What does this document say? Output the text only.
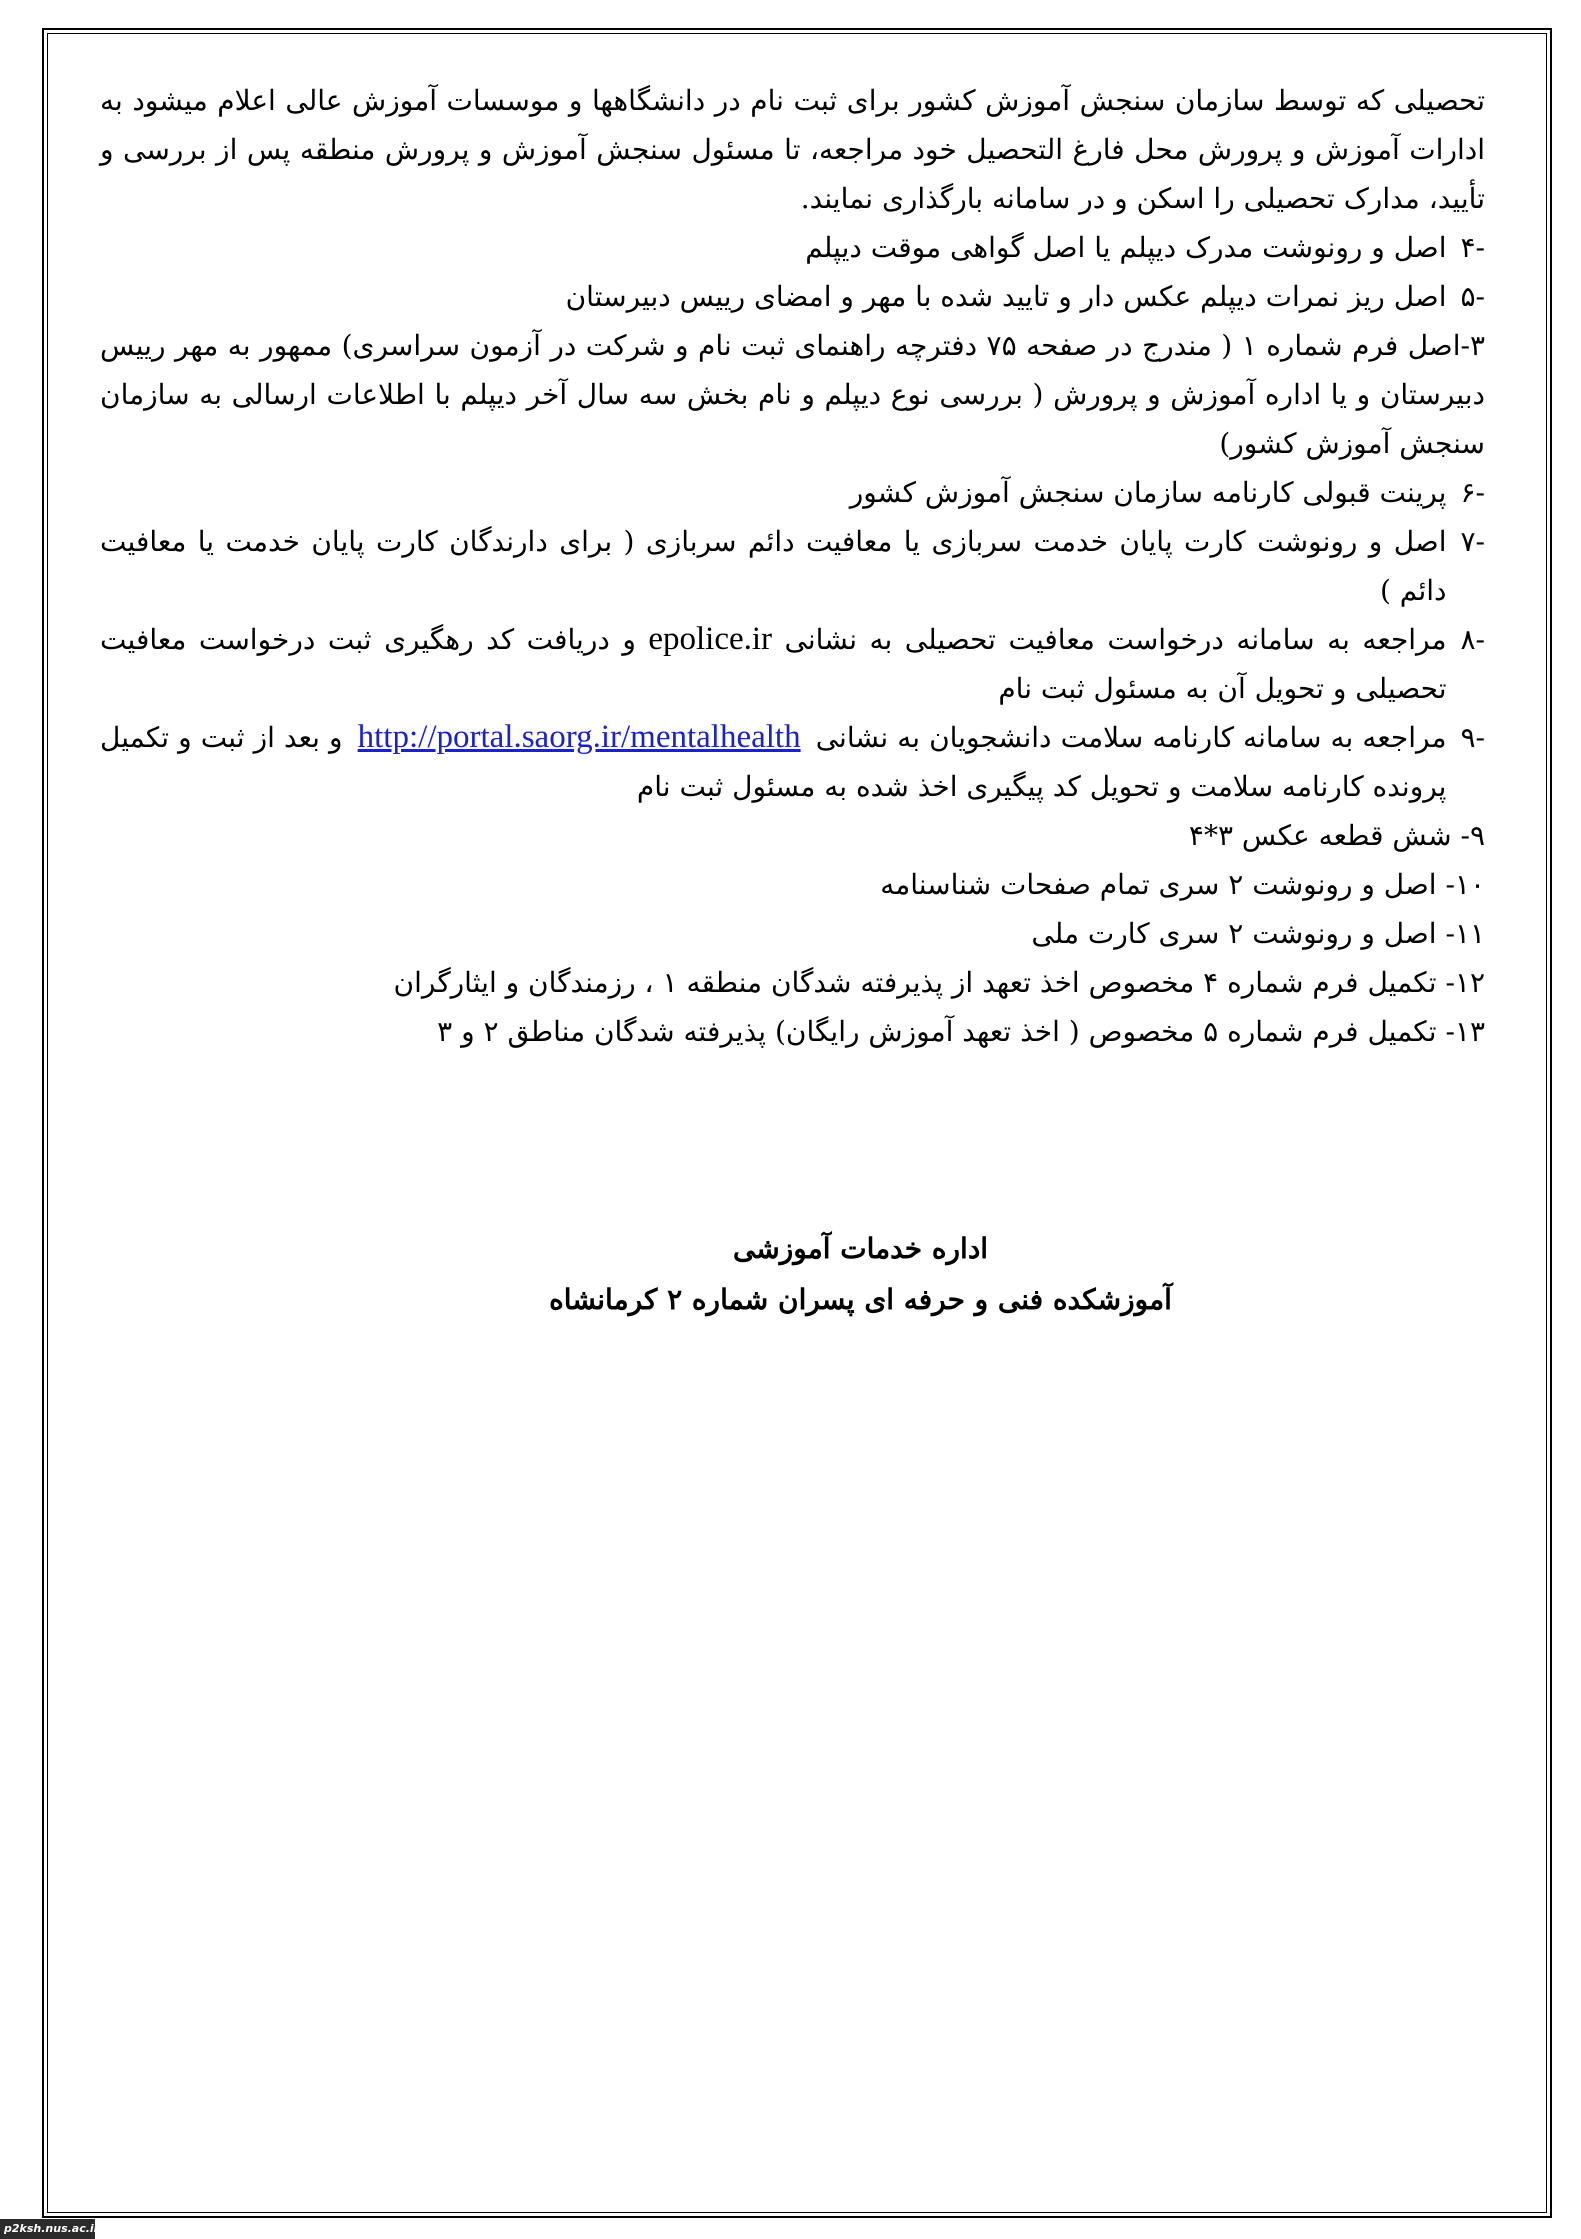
تحصیلی که توسط سازمان سنجش آموزش کشور برای ثبت نام در دانشگاهها و موسسات آموزش عالی اعلام میشود به ادارات آموزش و پرورش محل فارغ التحصیل خود مراجعه، تا مسئول سنجش آموزش و پرورش منطقه پس از بررسی و تأیید، مدارک تحصیلی را اسکن و در سامانه بارگذاری نمایند.

-۴
اصل و رونوشت مدرک دیپلم یا اصل گواهی موقت دیپلم
-۵
اصل ریز نمرات دیپلم عکس دار و تایید شده با مهر و امضای رییس دبیرستان

۳-اصل فرم شماره ۱ ( مندرج در صفحه ۷۵ دفترچه راهنمای ثبت نام و شرکت در آزمون سراسری) ممهور به مهر رییس دبیرستان و یا اداره آموزش و پرورش ( بررسی نوع دیپلم و نام بخش سه سال آخر دیپلم با اطلاعات ارسالی به سازمان سنجش آموزش کشور)

-۶
پرینت قبولی کارنامه سازمان سنجش آموزش کشور
-۷
اصل و رونوشت کارت پایان خدمت سربازی یا معافیت دائم سربازی ( برای دارندگان کارت پایان خدمت یا معافیت دائم )
-۸
مراجعه به سامانه درخواست معافیت تحصیلی به نشانی epolice.ir و دریافت کد رهگیری ثبت درخواست معافیت تحصیلی و تحویل آن به مسئول ثبت نام
-۹
مراجعه به سامانه کارنامه سلامت دانشجویان به نشانی http://portal.saorg.ir/mentalhealth و بعد از ثبت و تکمیل پرونده کارنامه سلامت و تحویل کد پیگیری اخذ شده به مسئول ثبت نام
۹- شش قطعه عکس ۳*۴
۱۰- اصل و رونوشت ۲ سری تمام صفحات شناسنامه
۱۱- اصل و رونوشت ۲ سری کارت ملی
۱۲- تکمیل فرم شماره ۴ مخصوص اخذ تعهد از پذیرفته شدگان منطقه ۱ ، رزمندگان و ایثارگران
۱۳- تکمیل فرم شماره ۵ مخصوص ( اخذ تعهد آموزش رایگان) پذیرفته شدگان مناطق ۲ و ۳
اداره خدمات آموزشی
آموزشکده فنی و حرفه ای پسران شماره ۲ کرمانشاه
p2ksh.nus.ac.ir
